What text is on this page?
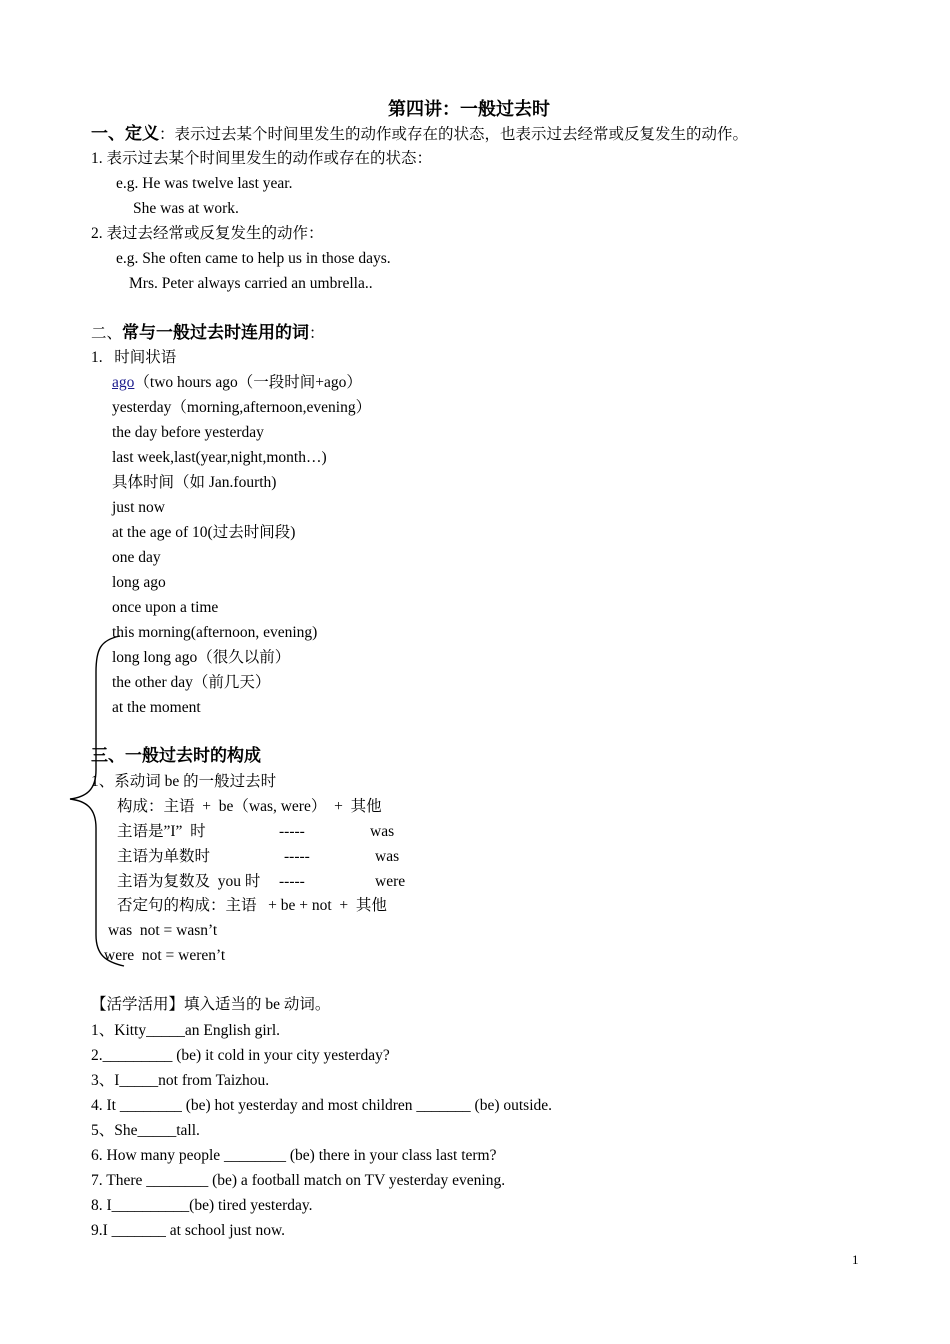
第四讲：一般过去时
一、定义：表示过去某个时间里发生的动作或存在的状态，也表示过去经常或反复发生的动作。
1. 表示过去某个时间里发生的动作或存在的状态：
e.g. He was twelve last year.
She was at work.
2. 表过去经常或反复发生的动作：
e.g. She often came to help us in those days.
Mrs. Peter always carried an umbrella..
二、常与一般过去时连用的词：
1.   时间状语
ago（two hours ago（一段时间+ago）
yesterday（morning,afternoon,evening）
the day before yesterday
last week,last(year,night,month…)
具体时间（如 Jan.fourth)
just now
at the age of 10(过去时间段)
one day
long ago
once upon a time
this morning(afternoon, evening)
long long ago（很久以前）
the other day（前几天）
at the moment
三、一般过去时的构成
1、系动词 be 的一般过去时
构成：主语  +  be（was, were）  +  其他
主语是”I”  时	-----	was
主语为单数时	-----	was
主语为复数及  you 时 -----	were
否定句的构成：主语   + be + not  +  其他
was  not = wasn’t
were  not = weren’t
【活学活用】填入适当的 be 动词。
1、Kitty_____an English girl.
2._________ (be) it cold in your city yesterday?
3、I_____not from Taizhou.
4. It ________ (be) hot yesterday and most children _______ (be) outside.
5、She_____tall.
6. How many people ________ (be) there in your class last term?
7. There ________ (be) a football match on TV yesterday evening.
8. I__________(be) tired yesterday.
9.I _______ at school just now.
1
